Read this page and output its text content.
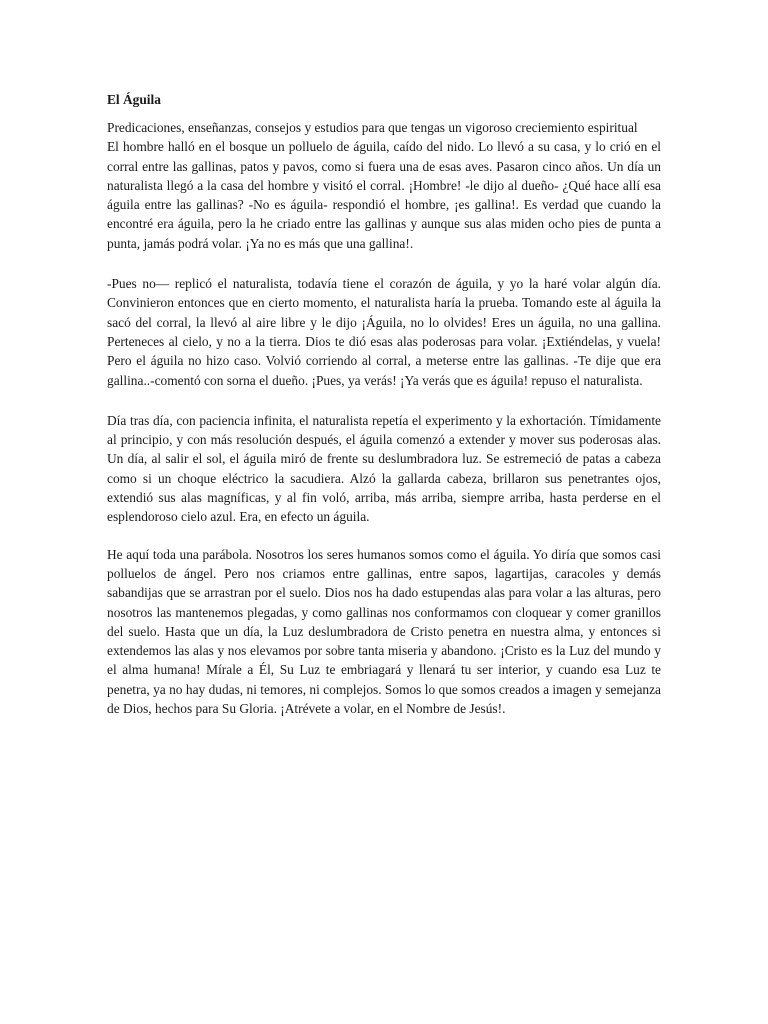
El Águila

Predicaciones, enseñanzas, consejos y estudios para que tengas un vigoroso creciemiento espiritual

El hombre halló en el bosque un polluelo de águila, caído del nido. Lo llevó a su casa, y lo crió en el corral entre las gallinas, patos y pavos, como si fuera una de esas aves. Pasaron cinco años. Un día un naturalista llegó a la casa del hombre y visitó el corral. ¡Hombre! -le dijo al dueño- ¿Qué hace allí esa águila entre las gallinas? -No es águila- respondió el hombre, ¡es gallina!. Es verdad que cuando la encontré era águila, pero la he criado entre las gallinas y aunque sus alas miden ocho pies de punta a punta, jamás podrá volar. ¡Ya no es más que una gallina!.

-Pues no— replicó el naturalista, todavía tiene el corazón de águila, y yo la haré volar algún día. Convinieron entonces que en cierto momento, el naturalista haría la prueba. Tomando este al águila la sacó del corral, la llevó al aire libre y le dijo ¡Águila, no lo olvides! Eres un águila, no una gallina. Perteneces al cielo, y no a la tierra. Dios te dió esas alas poderosas para volar. ¡Extiéndelas, y vuela! Pero el águila no hizo caso. Volvió corriendo al corral, a meterse entre las gallinas. -Te dije que era gallina..-comentó con sorna el dueño. ¡Pues, ya verás! ¡Ya verás que es águila! repuso el naturalista.

Día tras día, con paciencia infinita, el naturalista repetía el experimento y la exhortación. Tímidamente al principio, y con más resolución después, el águila comenzó a extender y mover sus poderosas alas. Un día, al salir el sol, el águila miró de frente su deslumbradora luz. Se estremeció de patas a cabeza como si un choque eléctrico la sacudiera. Alzó la gallarda cabeza, brillaron sus penetrantes ojos, extendió sus alas magníficas, y al fin voló, arriba, más arriba, siempre arriba, hasta perderse en el esplendoroso cielo azul. Era, en efecto un águila.

He aquí toda una parábola. Nosotros los seres humanos somos como el águila. Yo diría que somos casi polluelos de ángel. Pero nos criamos entre gallinas, entre sapos, lagartijas, caracoles y demás sabandijas que se arrastran por el suelo. Dios nos ha dado estupendas alas para volar a las alturas, pero nosotros las mantenemos plegadas, y como gallinas nos conformamos con cloquear y comer granillos del suelo. Hasta que un día, la Luz deslumbradora de Cristo penetra en nuestra alma, y entonces si extendemos las alas y nos elevamos por sobre tanta miseria y abandono. ¡Cristo es la Luz del mundo y el alma humana! Mírale a Él, Su Luz te embriagará y llenará tu ser interior, y cuando esa Luz te penetra, ya no hay dudas, ni temores, ni complejos. Somos lo que somos creados a imagen y semejanza de Dios, hechos para Su Gloria. ¡Atrévete a volar, en el Nombre de Jesús!.
